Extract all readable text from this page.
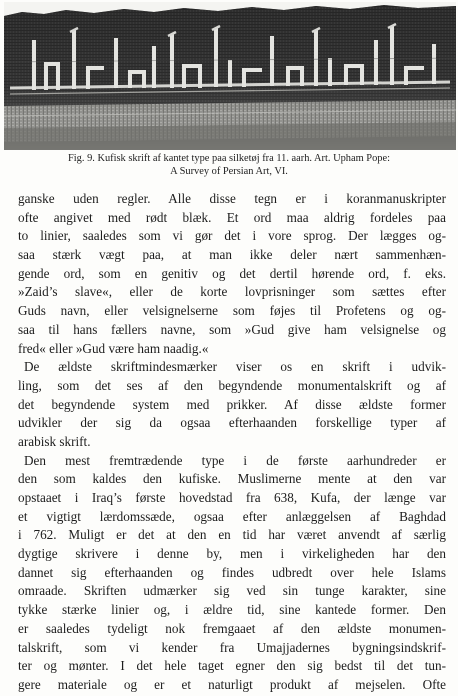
Fig. 9. Kufisk skrift af kantet type paa silketøj fra 11. aarh. Art. Upham Pope:
A Survey of Persian Art, VI.
ganske uden regler. Alle disse tegn er i koranmanuskripter
ofte angivet med rødt blæk. Et ord maa aldrig fordeles paa
to linier, saaledes som vi gør det i vore sprog. Der lægges og-
saa stærk vægt paa, at man ikke deler nært sammenhæn-
gende ord, som en genitiv og det dertil hørende ord, f. eks.
»Zaid’s slave«, eller de korte lovprisninger som sættes efter
Guds navn, eller velsignelserne som føjes til Profetens og og-
saa til hans fællers navne, som »Gud give ham velsignelse og
fred« eller »Gud være ham naadig.«
De ældste skriftmindesmærker viser os en skrift i udvik-
ling, som det ses af den begyndende monumentalskrift og af
det begyndende system med prikker. Af disse ældste former
udvikler der sig da ogsaa efterhaanden forskellige typer af
arabisk skrift.
Den mest fremtrædende type i de første aarhundreder er
den som kaldes den kufiske. Muslimerne mente at den var
opstaaet i Iraq’s første hovedstad fra 638, Kufa, der længe var
et vigtigt lærdomssæde, ogsaa efter anlæggelsen af Baghdad
i 762. Muligt er det at den en tid har været anvendt af særlig
dygtige skrivere i denne by, men i virkeligheden har den
dannet sig efterhaanden og findes udbredt over hele Islams
omraade. Skriften udmærker sig ved sin tunge karakter, sine
tykke stærke linier og, i ældre tid, sine kantede former. Den
er saaledes tydeligt nok fremgaaet af den ældste monumen-
talskrift, som vi kender fra Umajjadernes bygningsindskrif-
ter og mønter. I det hele taget egner den sig bedst til det tun-
gere materiale og er et naturligt produkt af mejselen. Ofte
